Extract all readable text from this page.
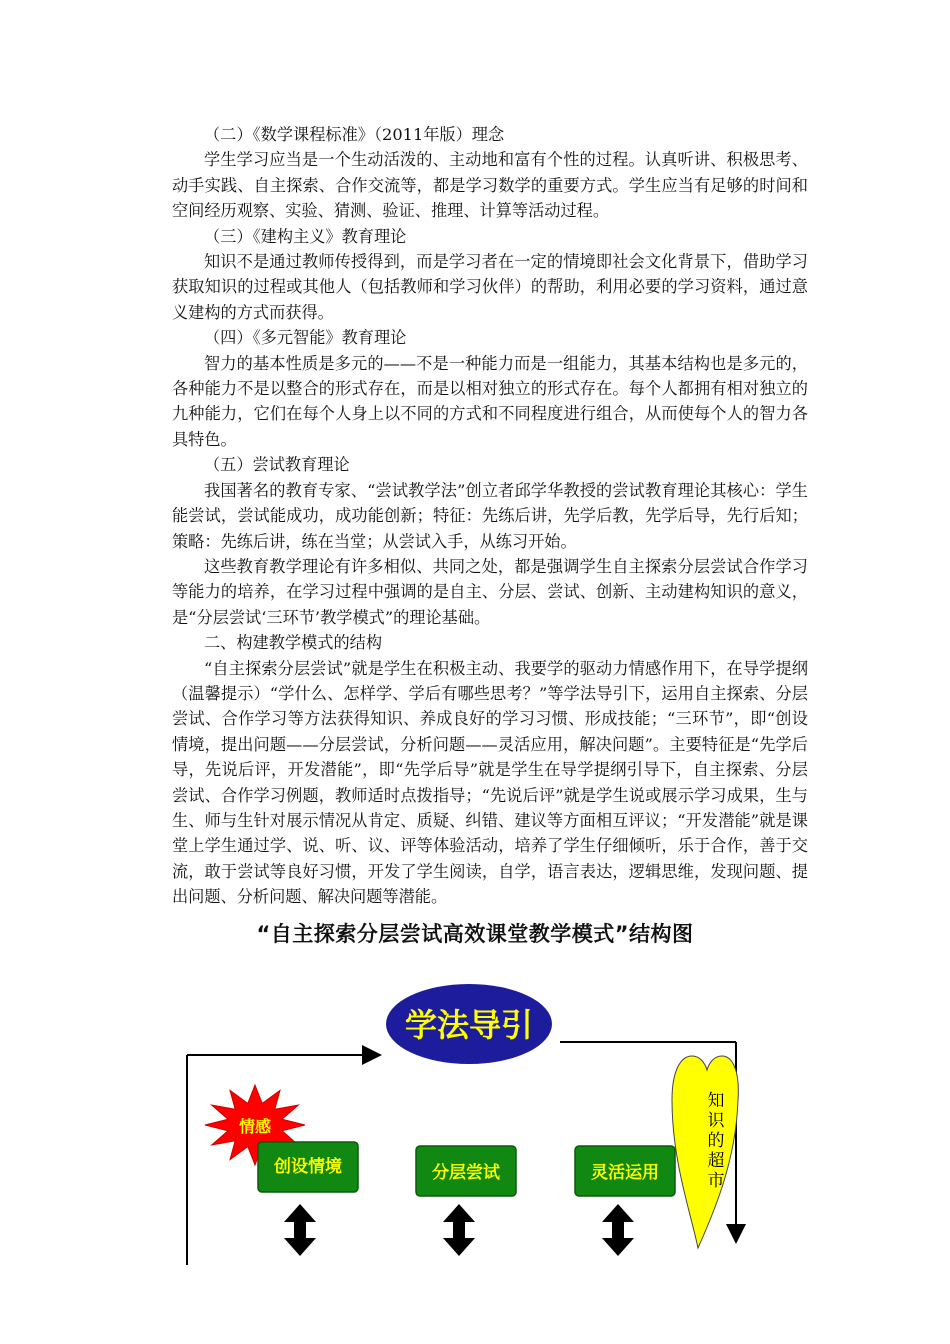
（二）《数学课程标准》（2011年版）理念

学生学习应当是一个生动活泼的、主动地和富有个性的过程。认真听讲、积极思考、动手实践、自主探索、合作交流等，都是学习数学的重要方式。学生应当有足够的时间和空间经历观察、实验、猜测、验证、推理、计算等活动过程。

（三）《建构主义》教育理论

知识不是通过教师传授得到，而是学习者在一定的情境即社会文化背景下，借助学习获取知识的过程或其他人（包括教师和学习伙伴）的帮助，利用必要的学习资料，通过意义建构的方式而获得。

（四）《多元智能》教育理论

智力的基本性质是多元的——不是一种能力而是一组能力，其基本结构也是多元的，各种能力不是以整合的形式存在，而是以相对独立的形式存在。每个人都拥有相对独立的九种能力，它们在每个人身上以不同的方式和不同程度进行组合，从而使每个人的智力各具特色。

（五）尝试教育理论

我国著名的教育专家、“尝试教学法”创立者邱学华教授的尝试教育理论其核心：学生能尝试，尝试能成功，成功能创新；特征：先练后讲，先学后教，先学后导，先行后知；策略：先练后讲，练在当堂；从尝试入手，从练习开始。

这些教育教学理论有许多相似、共同之处，都是强调学生自主探索分层尝试合作学习等能力的培养，在学习过程中强调的是自主、分层、尝试、创新、主动建构知识的意义，是“分层尝试‘三环节’教学模式”的理论基础。

二、构建教学模式的结构

“自主探索分层尝试”就是学生在积极主动、我要学的驱动力情感作用下，在导学提纲（温馨提示）“学什么、怎样学、学后有哪些思考？”等学法导引下，运用自主探索、分层尝试、合作学习等方法获得知识、养成良好的学习习惯、形成技能；“三环节”，即“创设情境，提出问题——分层尝试，分析问题——灵活应用，解决问题”。主要特征是“先学后导，先说后评，开发潜能”，即“先学后导”就是学生在导学提纲引导下，自主探索、分层尝试、合作学习例题，教师适时点拨指导；“先说后评”就是学生说或展示学习成果，生与生、师与生针对展示情况从肯定、质疑、纠错、建议等方面相互评议；“开发潜能”就是课堂上学生通过学、说、听、议、评等体验活动，培养了学生仔细倾听，乐于合作，善于交流，敢于尝试等良好习惯，开发了学生阅读，自学，语言表达，逻辑思维，发现问题、提出问题、分析问题、解决问题等潜能。

“自主探索分层尝试高效课堂教学模式”结构图
学法导引
情感
创设情境	分层尝试	灵活运用
知
识
的
超
市
